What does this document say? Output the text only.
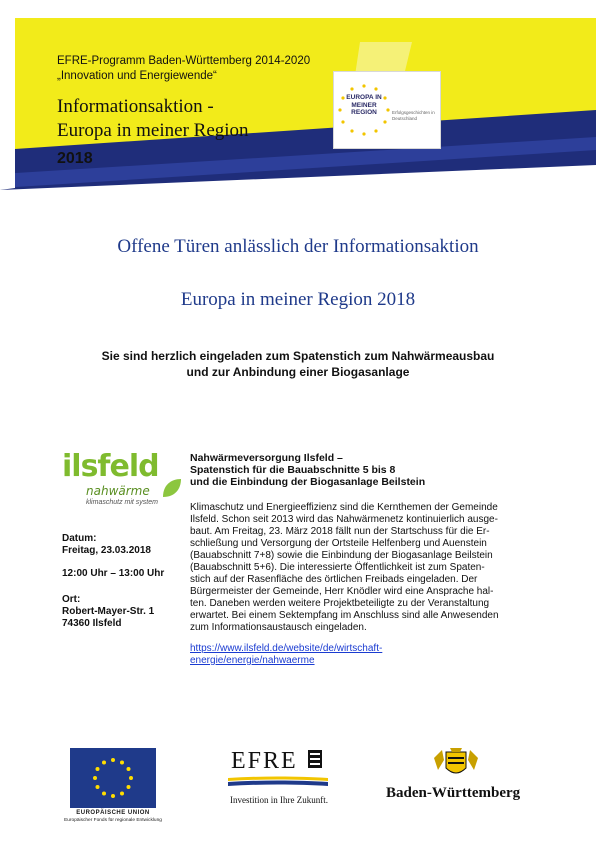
EFRE-Programm Baden-Württemberg 2014-2020
„Innovation und Energiewende“
Informationsaktion -
Europa in meiner Region
2018
EUROPA IN MEINER REGION	Erfolgsgeschichten in Deutschland
Offene Türen anlässlich der Informationsaktion
Europa in meiner Region 2018
Sie sind herzlich eingeladen zum Spatenstich zum Nahwärmeausbau
und zur Anbindung einer Biogasanlage
ilsfeld
nahwärme
klimaschutz mit system
Datum:
Freitag, 23.03.2018
12:00 Uhr – 13:00 Uhr
Ort:
Robert-Mayer-Str. 1
74360 Ilsfeld
Nahwärmeversorgung Ilsfeld –
Spatenstich für die Bauabschnitte 5 bis 8
und die Einbindung der Biogasanlage Beilstein
Klimaschutz und Energieeffizienz sind die Kernthemen der Gemeinde
Ilsfeld. Schon seit 2013 wird das Nahwärmenetz kontinuierlich ausge-
baut. Am Freitag, 23. März 2018 fällt nun der Startschuss für die Er-
schließung und Versorgung der Ortsteile Helfenberg und Auenstein
(Bauabschnitt 7+8) sowie die Einbindung der Biogasanlage Beilstein
(Bauabschnitt 5+6). Die interessierte Öffentlichkeit ist zum Spaten-
stich auf der Rasenfläche des örtlichen Freibads eingeladen. Der
Bürgermeister der Gemeinde, Herr Knödler wird eine Ansprache hal-
ten. Daneben werden weitere Projektbeteiligte zu der Veranstaltung
erwartet. Bei einem Sektempfang im Anschluss sind alle Anwesenden
zum Informationsaustausch eingeladen.
https://www.ilsfeld.de/website/de/wirtschaft-
energie/energie/nahwaerme
EUROPÄISCHE UNION
Europäischer Fonds für regionale Entwicklung
EFRE
Investition in Ihre Zukunft.	Baden-Württemberg
